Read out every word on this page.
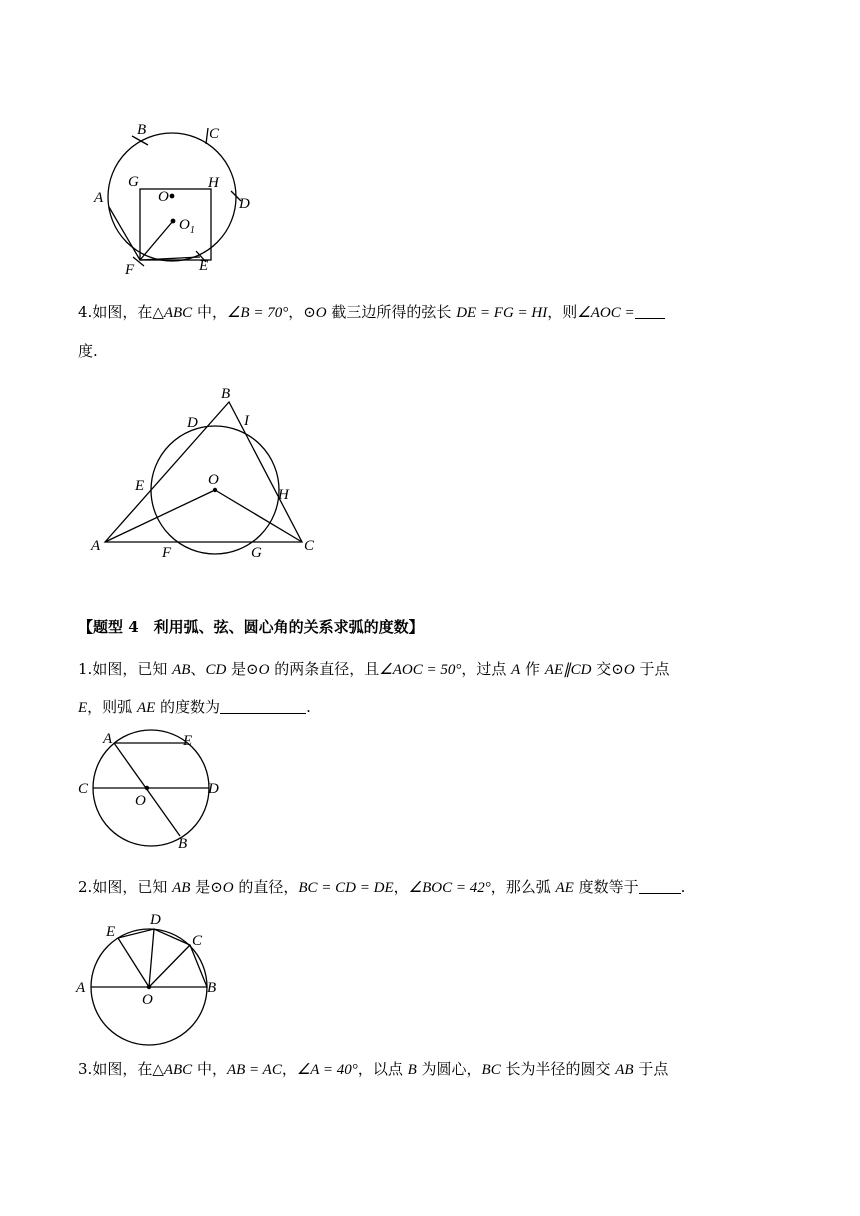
B	C
A
G	H
O	D
$O_1$
F	E
4.如图，在△ABC 中，∠B = 70°，⊙O 截三边所得的弦长 DE = FG = HI，则∠AOC =
度.
B
D	I
E	O
H
A	F	G	C
【题型 4　利用弧、弦、圆心角的关系求弧的度数】
1.如图，已知 AB、CD 是⊙O 的两条直径，且∠AOC = 50°，过点 A 作 AE∥CD 交⊙O 于点
E，则弧 AE 的度数为	.
A	E
C
O
D
B
2.如图，已知 AB 是⊙O 的直径，BC = CD = DE，∠BOC = 42°，那么弧 AE 度数等于	.
E
D
C
A
O
B
3.如图，在△ABC 中，AB = AC，∠A = 40°，以点 B 为圆心，BC 长为半径的圆交 AB 于点
